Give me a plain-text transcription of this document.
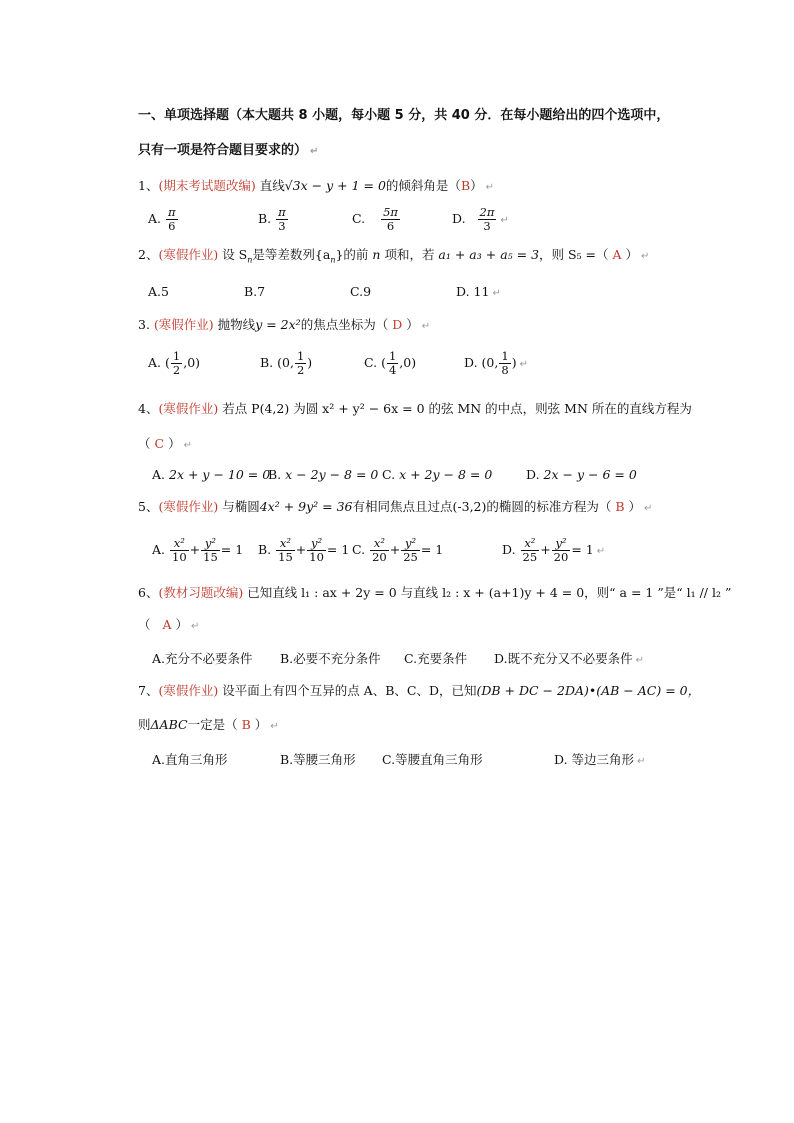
一、单项选择题（本大题共 8 小题，每小题 5 分，共 40 分．在每小题给出的四个选项中，
只有一项是符合题目要求的） ↵
1、(期末考试题改编) 直线√3x − y + 1 = 0的倾斜角是（B） ↵
A. $\frac{\pi}{6}$	B. $\frac{\pi}{3}$	C. $\frac{5\pi}{6}$	D. $\frac{2\pi}{3}$ ↵
2、(寒假作业) 设 $S_n$是等差数列$\{a_n\}$的前 n 项和，若 a₁ + a₃ + a₅ = 3，则 S₅ =（ A ） ↵
A.5	B.7	C.9	D. 11 ↵
3. (寒假作业) 抛物线y = 2x²的焦点坐标为（ D ） ↵
A. ( $\frac{1}{2} ,0$)	B. (0, $\frac{1}{2}$ )	C. ( $\frac{1}{4} ,0$)	D. (0, $\frac{1}{8}$ ) ↵
4、(寒假作业) 若点 P(4,2) 为圆 x² + y² − 6x = 0 的弦 MN 的中点，则弦 MN 所在的直线方程为
（ C ） ↵
A. 2x + y − 10 = 0
B. x − 2y − 8 = 0 C. x + 2y − 8 = 0	D. 2x − y − 6 = 0
5、(寒假作业) 与椭圆4x² + 9y² = 36有相同焦点且过点(-3,2)的椭圆的标准方程为（ B ） ↵
A. $\frac{\text{x²}}{10} + \frac{\text{y²}}{15} = 1$ B. $\frac{\text{x²}}{15} + \frac{\text{y²}}{10} = 1$ C. $\frac{\text{x²}}{20} + \frac{\text{y²}}{25} = 1$	D. $\frac{\text{x²}}{25} + \frac{\text{y²}}{20} = 1$ ↵
6、(教材习题改编) 已知直线 l₁ : ax + 2y = 0 与直线 l₂ : x + (a+1)y + 4 = 0，则“ a = 1 ”是“ l₁ // l₂ ”
（ A ） ↵
A.充分不必要条件 B.必要不充分条件 C.充要条件 D.既不充分又不必要条件 ↵
7、(寒假作业) 设平面上有四个互异的点 A、B、C、D，已知(DB + DC − 2DA)•(AB − AC) = 0，
则ΔABC一定是（ B ） ↵
A.直角三角形	B.等腰三角形 C.等腰直角三角形	D. 等边三角形 ↵
